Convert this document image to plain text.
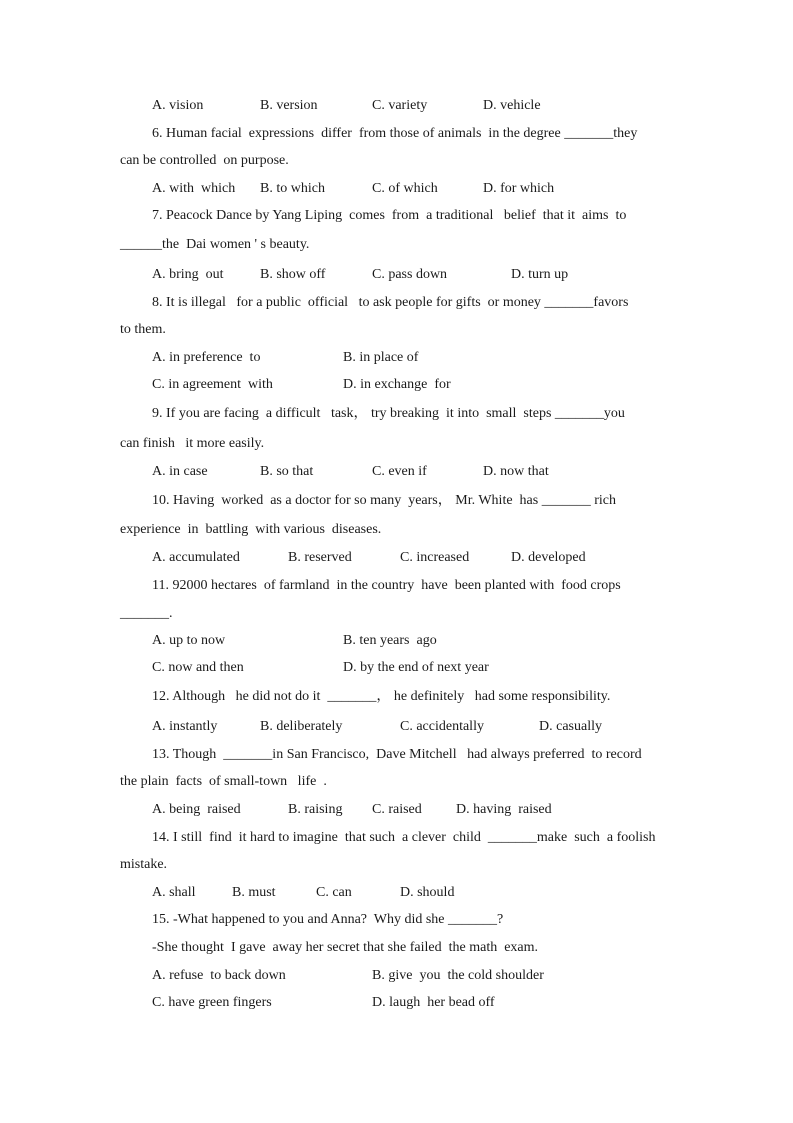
A. vision	B. version	C. variety	D. vehicle
6. Human facial  expressions  differ  from those of animals  in the degree _______they
can be controlled  on purpose.
A. with  which B. to which	C. of which	D. for which
7. Peacock Dance by Yang Liping  comes  from  a traditional   belief  that it  aims  to
______the  Dai women ' s beauty.
A. bring  out	B. show off	C. pass down	D. turn up
8. It is illegal   for a public  official   to ask people for gifts  or money _______favors
to them.
A. in preference  to	B. in place of
C. in agreement  with	D. in exchange  for
9. If you are facing  a difficult   task， try breaking  it into  small  steps _______you
can finish   it more easily.
A. in case	B. so that	C. even if	D. now that
10. Having  worked  as a doctor for so many  years， Mr. White  has _______ rich
experience  in  battling  with various  diseases.
A. accumulated	B. reserved	C. increased	D. developed
11. 92000 hectares  of farmland  in the country  have  been planted with  food crops
_______.
A. up to now	B. ten years  ago
C. now and then	D. by the end of next year
12. Although   he did not do it  _______， he definitely   had some responsibility.
A. instantly	B. deliberately	C. accidentally	D. casually
13. Though  _______in San Francisco,  Dave Mitchell   had always preferred  to record
the plain  facts  of small-town   life  .
A. being  raised	B. raising C. raised D. having  raised
14. I still  find  it hard to imagine  that such  a clever  child  _______make  such  a foolish
mistake.
A. shall	B. must	C. can	D. should
15. -What happened to you and Anna?  Why did she _______?
-She thought  I gave  away her secret that she failed  the math  exam.
A. refuse  to back down	B. give  you  the cold shoulder
C. have green fingers	D. laugh  her bead off
